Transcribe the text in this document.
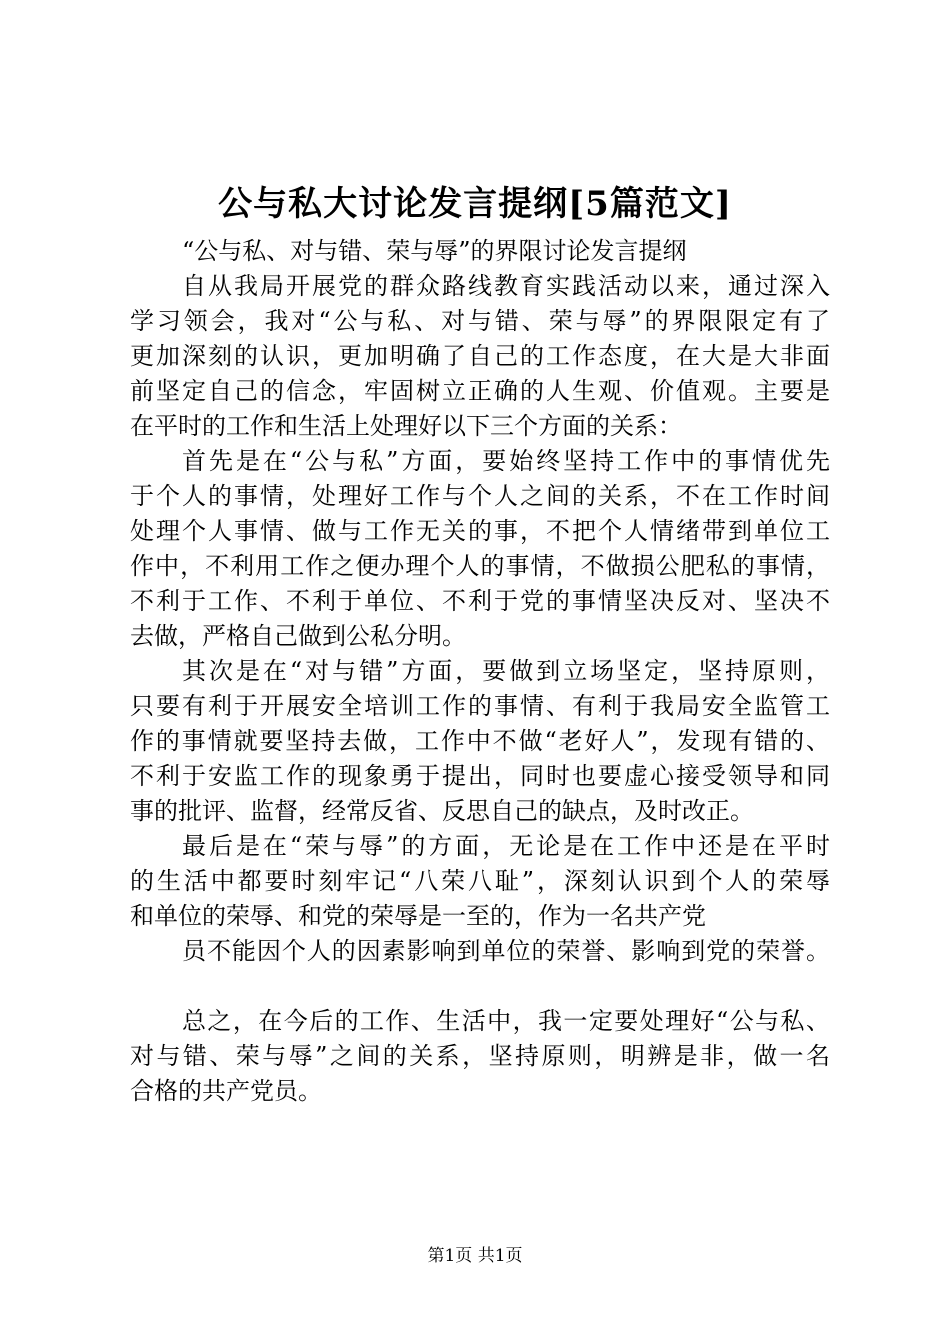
公与私大讨论发言提纲[5篇范文]
“公与私、对与错、荣与辱”的界限讨论发言提纲
自从我局开展党的群众路线教育实践活动以来，通过深入
学习领会，我对“公与私、对与错、荣与辱”的界限限定有了
更加深刻的认识，更加明确了自己的工作态度，在大是大非面
前坚定自己的信念，牢固树立正确的人生观、价值观。主要是
在平时的工作和生活上处理好以下三个方面的关系：
首先是在“公与私”方面，要始终坚持工作中的事情优先
于个人的事情，处理好工作与个人之间的关系，不在工作时间
处理个人事情、做与工作无关的事，不把个人情绪带到单位工
作中，不利用工作之便办理个人的事情，不做损公肥私的事情，
不利于工作、不利于单位、不利于党的事情坚决反对、坚决不
去做，严格自己做到公私分明。
其次是在“对与错”方面，要做到立场坚定，坚持原则，
只要有利于开展安全培训工作的事情、有利于我局安全监管工
作的事情就要坚持去做，工作中不做“老好人”，发现有错的、
不利于安监工作的现象勇于提出，同时也要虚心接受领导和同
事的批评、监督，经常反省、反思自己的缺点，及时改正。
最后是在“荣与辱”的方面，无论是在工作中还是在平时
的生活中都要时刻牢记“八荣八耻”，深刻认识到个人的荣辱
和单位的荣辱、和党的荣辱是一至的，作为一名共产党
员不能因个人的因素影响到单位的荣誉、影响到党的荣誉。
总之，在今后的工作、生活中，我一定要处理好“公与私、
对与错、荣与辱”之间的关系，坚持原则，明辨是非，做一名
合格的共产党员。
第1页 共1页
